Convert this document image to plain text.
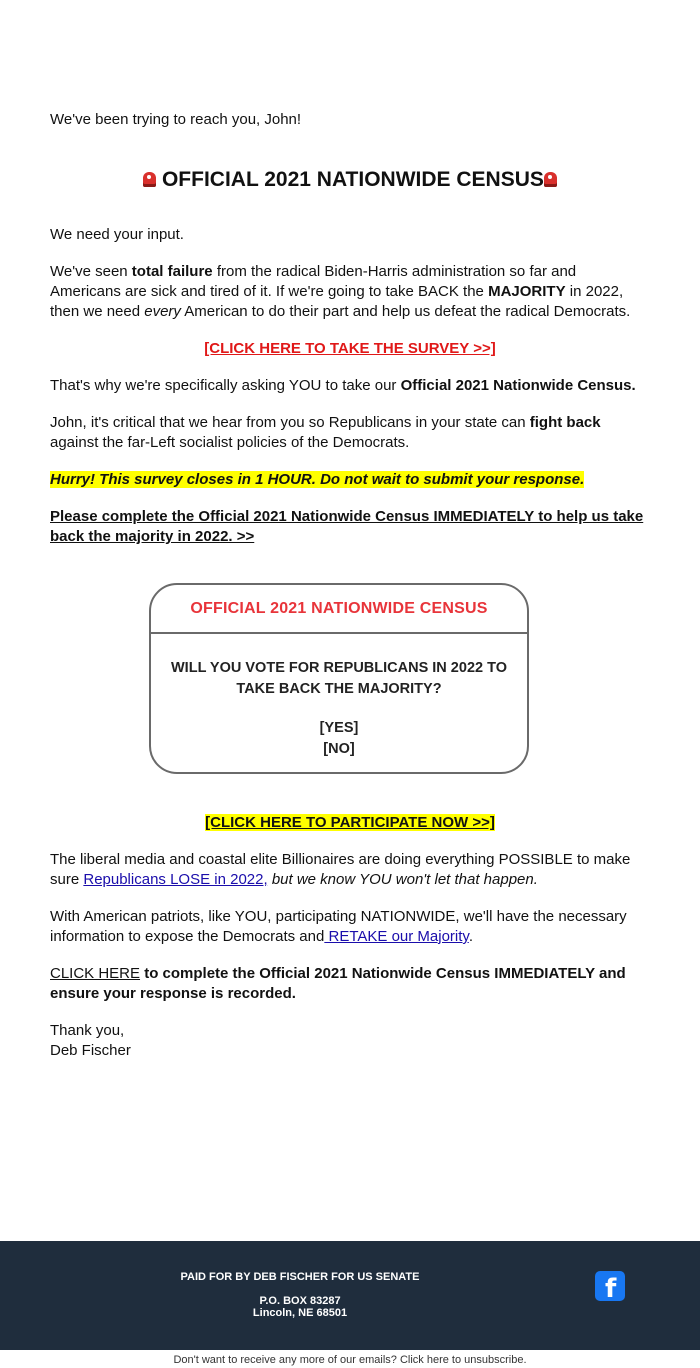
We've been trying to reach you, John!
OFFICIAL 2021 NATIONWIDE CENSUS
We need your input.
We've seen total failure from the radical Biden-Harris administration so far and Americans are sick and tired of it. If we're going to take BACK the MAJORITY in 2022, then we need every American to do their part and help us defeat the radical Democrats.
[CLICK HERE TO TAKE THE SURVEY >>]
That's why we're specifically asking YOU to take our Official 2021 Nationwide Census.
John, it's critical that we hear from you so Republicans in your state can fight back against the far-Left socialist policies of the Democrats.
Hurry! This survey closes in 1 HOUR. Do not wait to submit your response.
Please complete the Official 2021 Nationwide Census IMMEDIATELY to help us take back the majority in 2022. >>
OFFICIAL 2021 NATIONWIDE CENSUS
WILL YOU VOTE FOR REPUBLICANS IN 2022 TO
TAKE BACK THE MAJORITY?
[YES]
[NO]
[CLICK HERE TO PARTICIPATE NOW >>]
The liberal media and coastal elite Billionaires are doing everything POSSIBLE to make sure Republicans LOSE in 2022, but we know YOU won't let that happen.
With American patriots, like YOU, participating NATIONWIDE, we'll have the necessary information to expose the Democrats and RETAKE our Majority.
CLICK HERE to complete the Official 2021 Nationwide Census IMMEDIATELY and ensure your response is recorded.
Thank you,
Deb Fischer
PAID FOR BY DEB FISCHER FOR US SENATE
P.O. BOX 83287
Lincoln, NE 68501
f
Don't want to receive any more of our emails? Click here to unsubscribe.
